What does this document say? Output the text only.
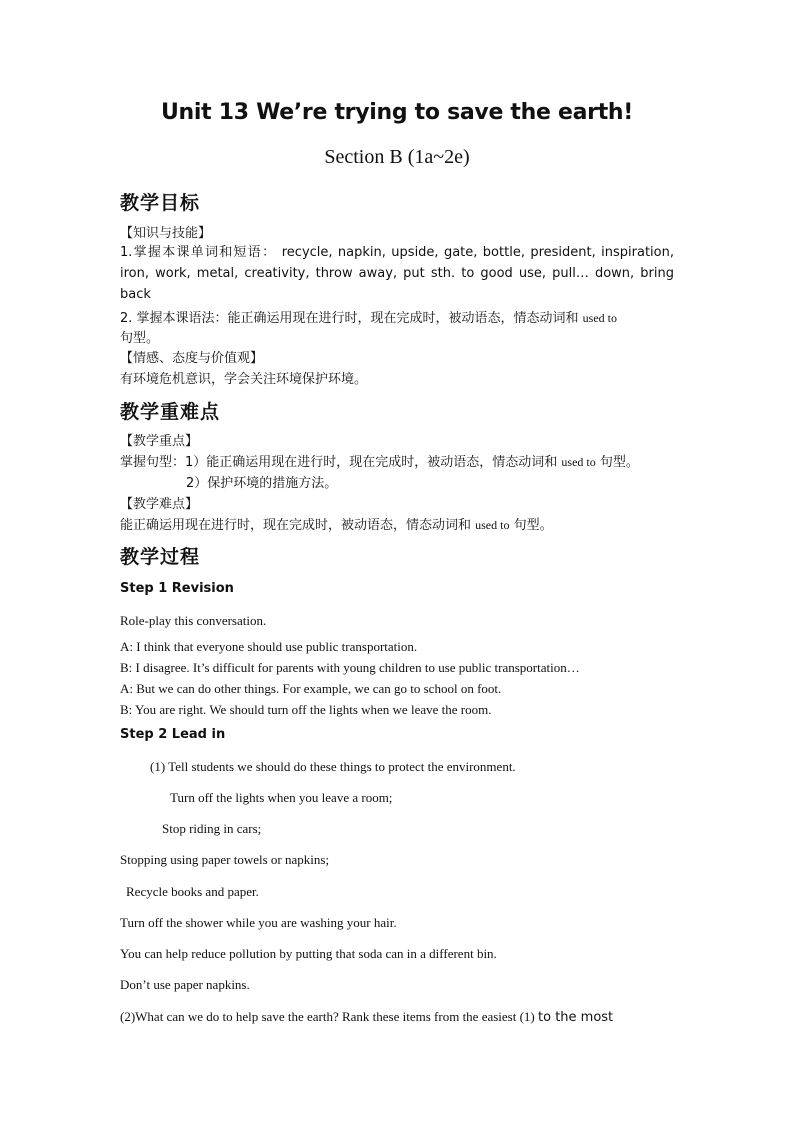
Unit 13 We’re trying to save the earth!
Section B (1a~2e)
教学目标
【知识与技能】
1.掌握本课单词和短语： recycle, napkin, upside, gate, bottle, president, inspiration, iron, work, metal, creativity, throw away, put sth. to good use, pull… down, bring back
2. 掌握本课语法：能正确运用现在进行时，现在完成时，被动语态，情态动词和 used to
句型。
【情感、态度与价值观】
有环境危机意识，学会关注环境保护环境。
教学重难点
【教学重点】
掌握句型：1）能正确运用现在进行时，现在完成时，被动语态，情态动词和 used to 句型。
2）保护环境的措施方法。
【教学难点】
能正确运用现在进行时，现在完成时，被动语态，情态动词和 used to 句型。
教学过程
Step 1 Revision
Role-play this conversation.
A: I think that everyone should use public transportation.
B: I disagree. It’s difficult for parents with young children to use public transportation…
A: But we can do other things. For example, we can go to school on foot.
B: You are right. We should turn off the lights when we leave the room.
Step 2 Lead in
(1) Tell students we should do these things to protect the environment.
Turn off the lights when you leave a room;
Stop riding in cars;
Stopping using paper towels or napkins;
Recycle books and paper.
Turn off the shower while you are washing your hair.
You can help reduce pollution by putting that soda can in a different bin.
Don’t use paper napkins.
(2)What can we do to help save the earth? Rank these items from the easiest (1) to the most
